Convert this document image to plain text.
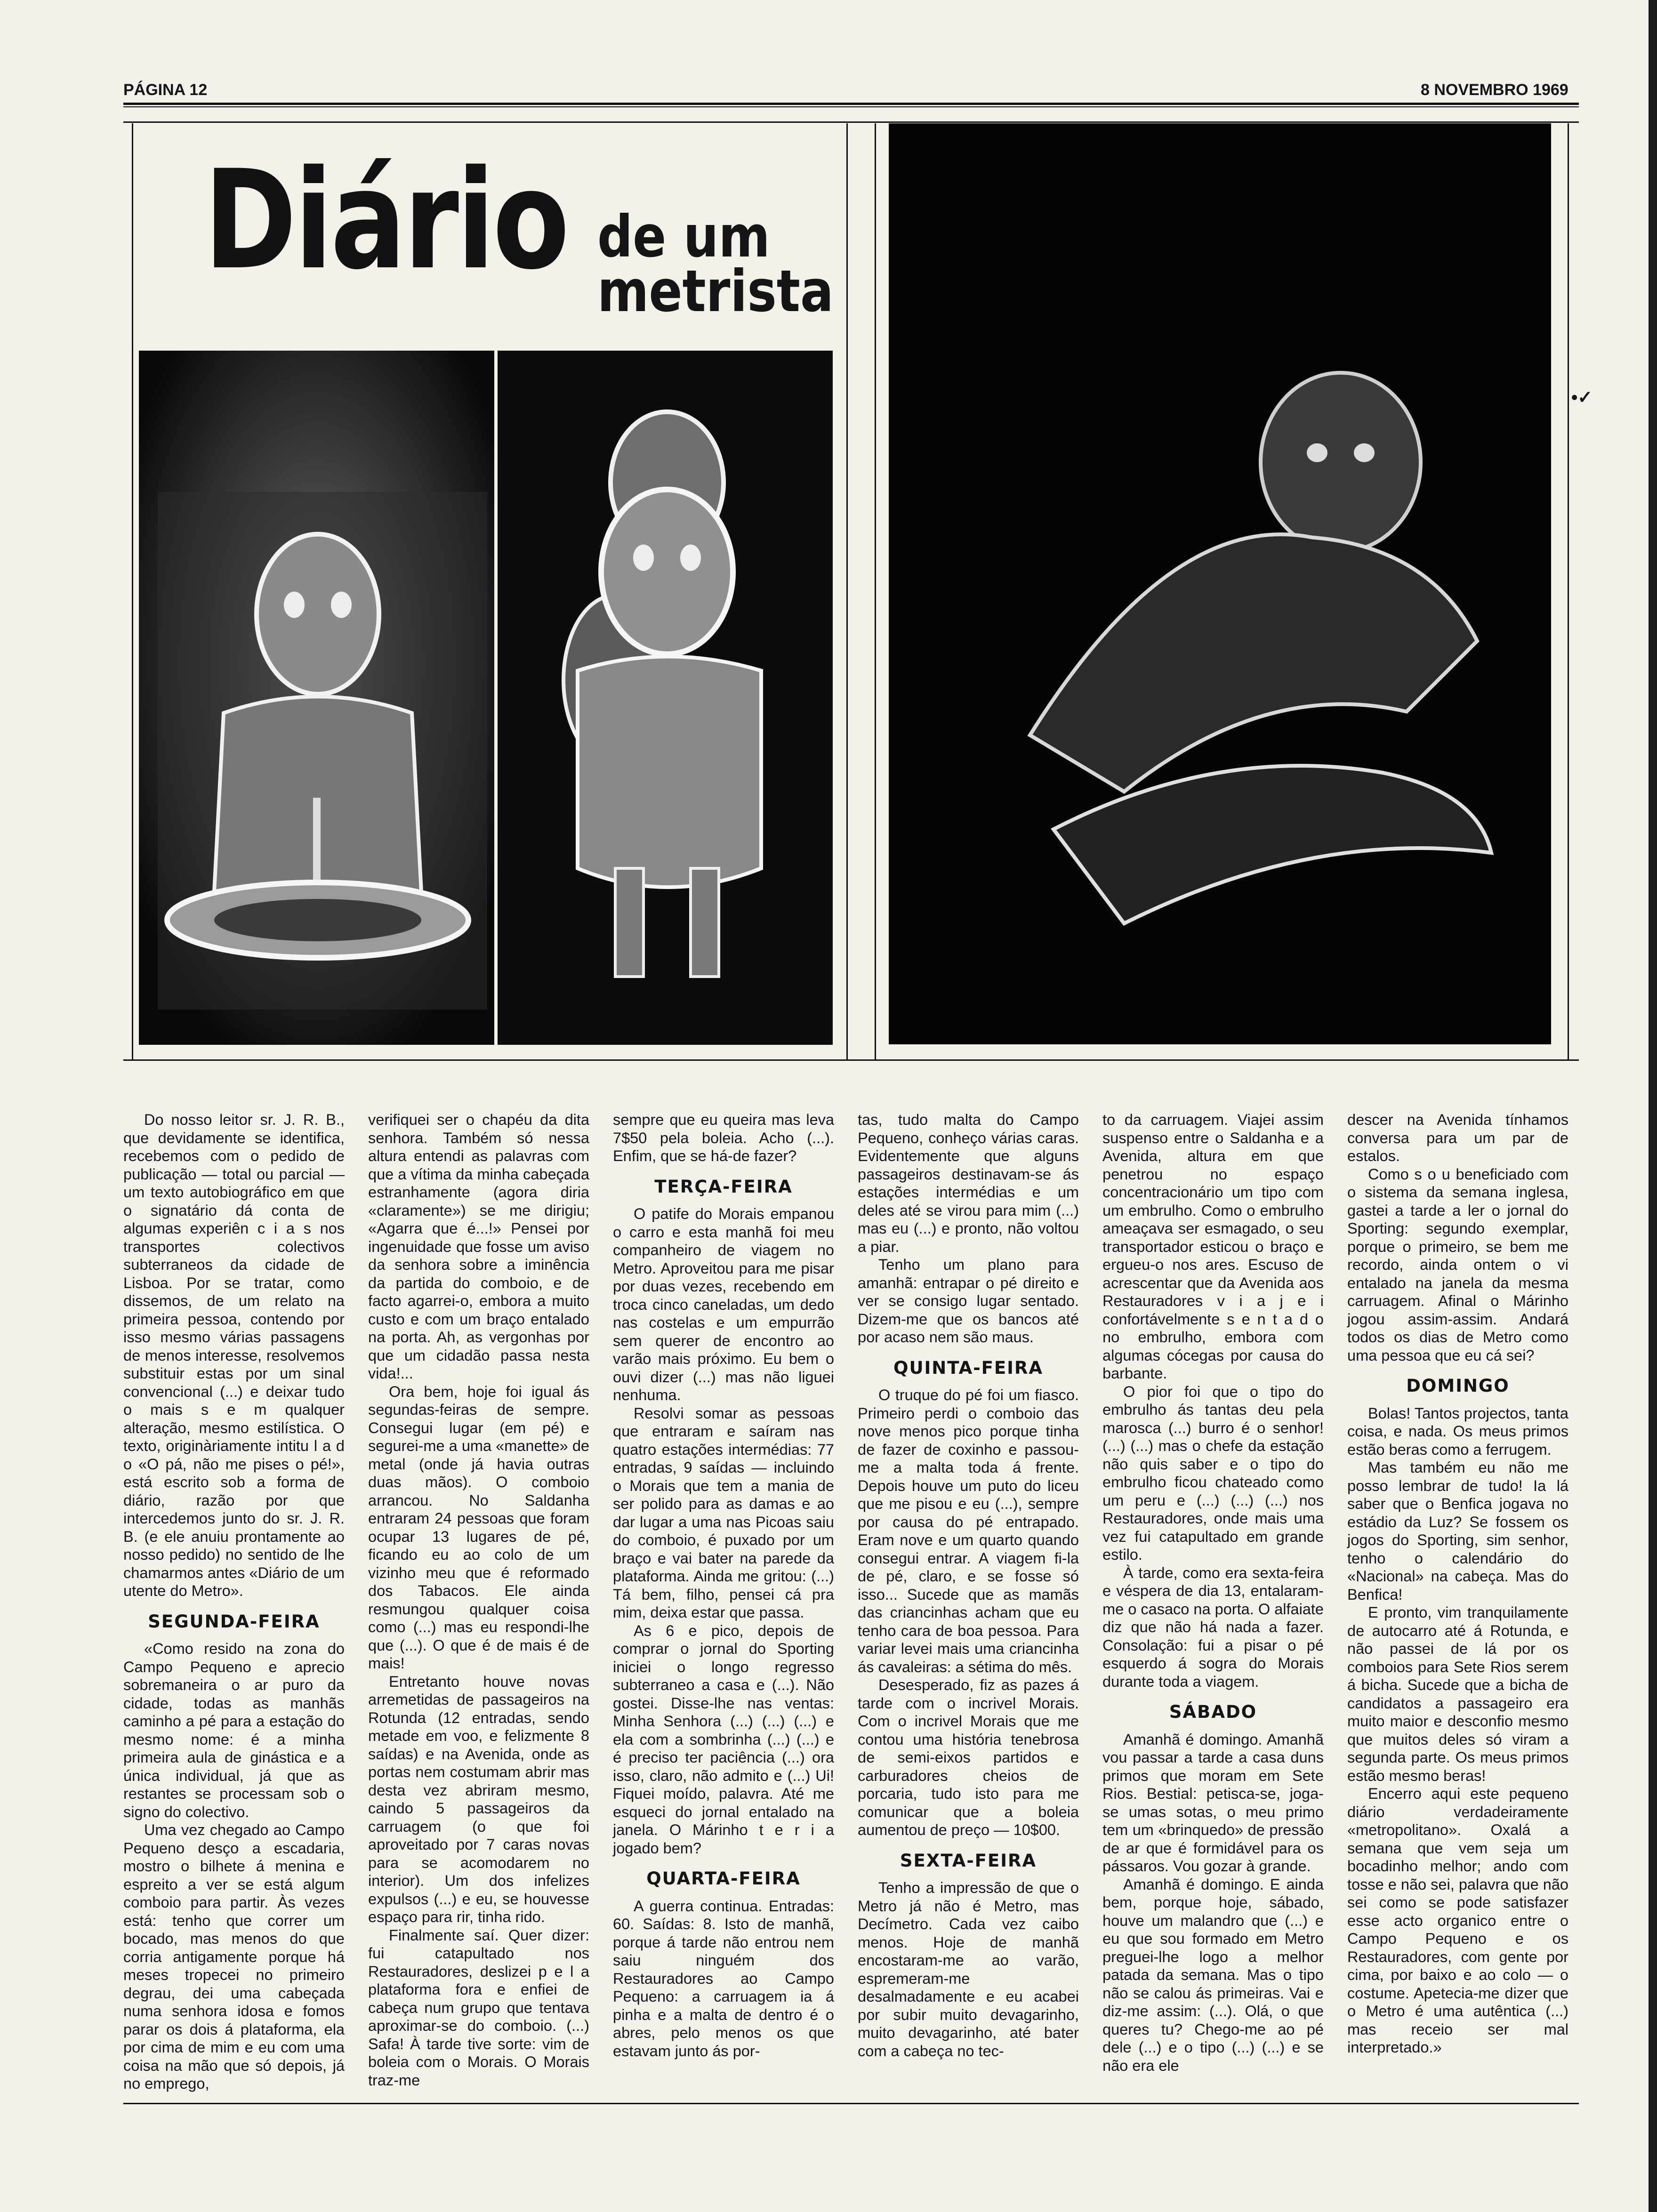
PÁGINA 12	8 NOVEMBRO 1969
Diário de um
metrista
•✓

Do nosso leitor sr. J. R. B., que devidamente se identifica, recebemos com o pedido de publicação — total ou parcial — um texto autobiográfico em que o signatário dá conta de algumas experiên c i a s nos transportes colectivos subterraneos da cidade de Lisboa. Por se tratar, como dissemos, de um relato na primeira pessoa, contendo por isso mesmo várias passagens de menos interesse, resolvemos substituir estas por um sinal convencional (...) e deixar tudo o mais s e m qualquer alteração, mesmo estilística. O texto, originàriamente intitu l a d o «O pá, não me pises o pé!», está escrito sob a forma de diário, razão por que intercedemos junto do sr. J. R. B. (e ele anuiu prontamente ao nosso pedido) no sentido de lhe chamarmos antes «Diário de um utente do Metro».

SEGUNDA-FEIRA

«Como resido na zona do Campo Pequeno e aprecio sobremaneira o ar puro da cidade, todas as manhãs caminho a pé para a estação do mesmo nome: é a minha primeira aula de ginástica e a única individual, já que as restantes se processam sob o signo do colectivo.

Uma vez chegado ao Campo Pequeno desço a escadaria, mostro o bilhete á menina e espreito a ver se está algum comboio para partir. Às vezes está: tenho que correr um bocado, mas menos do que corria antigamente porque há meses tropecei no primeiro degrau, dei uma cabeçada numa senhora idosa e fomos parar os dois á plataforma, ela por cima de mim e eu com uma coisa na mão que só depois, já no emprego,

verifiquei ser o chapéu da dita senhora. Também só nessa altura entendi as palavras com que a vítima da minha cabeçada estranhamente (agora diria «claramente») se me dirigiu; «Agarra que é...!» Pensei por ingenuidade que fosse um aviso da senhora sobre a iminência da partida do comboio, e de facto agarrei-o, embora a muito custo e com um braço entalado na porta. Ah, as vergonhas por que um cidadão passa nesta vida!...

Ora bem, hoje foi igual ás segundas-feiras de sempre. Consegui lugar (em pé) e segurei-me a uma «manette» de metal (onde já havia outras duas mãos). O comboio arrancou. No Saldanha entraram 24 pessoas que foram ocupar 13 lugares de pé, ficando eu ao colo de um vizinho meu que é reformado dos Tabacos. Ele ainda resmungou qualquer coisa como (...) mas eu respondi-lhe que (...). O que é de mais é de mais!

Entretanto houve novas arremetidas de passageiros na Rotunda (12 entradas, sendo metade em voo, e felizmente 8 saídas) e na Avenida, onde as portas nem costumam abrir mas desta vez abriram mesmo, caindo 5 passageiros da carruagem (o que foi aproveitado por 7 caras novas para se acomodarem no interior). Um dos infelizes expulsos (...) e eu, se houvesse espaço para rir, tinha rido.

Finalmente saí. Quer dizer: fui catapultado nos Restauradores, deslizei p e l a plataforma fora e enfiei de cabeça num grupo que tentava aproximar-se do comboio. (...) Safa! À tarde tive sorte: vim de boleia com o Morais. O Morais traz-me

sempre que eu queira mas leva 7$50 pela boleia. Acho (...). Enfim, que se há-de fazer?

TERÇA-FEIRA

O patife do Morais empanou o carro e esta manhã foi meu companheiro de viagem no Metro. Aproveitou para me pisar por duas vezes, recebendo em troca cinco caneladas, um dedo nas costelas e um empurrão sem querer de encontro ao varão mais próximo. Eu bem o ouvi dizer (...) mas não liguei nenhuma.

Resolvi somar as pessoas que entraram e saíram nas quatro estações intermédias: 77 entradas, 9 saídas — incluindo o Morais que tem a mania de ser polido para as damas e ao dar lugar a uma nas Picoas saiu do comboio, é puxado por um braço e vai bater na parede da plataforma. Ainda me gritou: (...) Tá bem, filho, pensei cá pra mim, deixa estar que passa.

As 6 e pico, depois de comprar o jornal do Sporting iniciei o longo regresso subterraneo a casa e (...). Não gostei. Disse-lhe nas ventas: Minha Senhora (...) (...) (...) e ela com a sombrinha (...) (...) e é preciso ter paciência (...) ora isso, claro, não admito e (...) Ui! Fiquei moído, palavra. Até me esqueci do jornal entalado na janela. O Márinho t e r i a jogado bem?

QUARTA-FEIRA

A guerra continua. Entradas: 60. Saídas: 8. Isto de manhã, porque á tarde não entrou nem saiu ninguém dos Restauradores ao Campo Pequeno: a carruagem ia á pinha e a malta de dentro é o abres, pelo menos os que estavam junto ás por-

tas, tudo malta do Campo Pequeno, conheço várias caras. Evidentemente que alguns passageiros destinavam-se ás estações intermédias e um deles até se virou para mim (...) mas eu (...) e pronto, não voltou a piar.

Tenho um plano para amanhã: entrapar o pé direito e ver se consigo lugar sentado. Dizem-me que os bancos até por acaso nem são maus.

QUINTA-FEIRA

O truque do pé foi um fiasco. Primeiro perdi o comboio das nove menos pico porque tinha de fazer de coxinho e passou-me a malta toda á frente. Depois houve um puto do liceu que me pisou e eu (...), sempre por causa do pé entrapado. Eram nove e um quarto quando consegui entrar. A viagem fi-la de pé, claro, e se fosse só isso... Sucede que as mamãs das criancinhas acham que eu tenho cara de boa pessoa. Para variar levei mais uma criancinha ás cavaleiras: a sétima do mês.

Desesperado, fiz as pazes á tarde com o incrivel Morais. Com o incrivel Morais que me contou uma história tenebrosa de semi-eixos partidos e carburadores cheios de porcaria, tudo isto para me comunicar que a boleia aumentou de preço — 10$00.

SEXTA-FEIRA

Tenho a impressão de que o Metro já não é Metro, mas Decímetro. Cada vez caibo menos. Hoje de manhã encostaram-me ao varão, espremeram-me desalmadamente e eu acabei por subir muito devagarinho, muito devagarinho, até bater com a cabeça no tec-

to da carruagem. Viajei assim suspenso entre o Saldanha e a Avenida, altura em que penetrou no espaço concentracionário um tipo com um embrulho. Como o embrulho ameaçava ser esmagado, o seu transportador esticou o braço e ergueu-o nos ares. Escuso de acrescentar que da Avenida aos Restauradores v i a j e i confortávelmente s e n t a d o no embrulho, embora com algumas cócegas por causa do barbante.

O pior foi que o tipo do embrulho ás tantas deu pela marosca (...) burro é o senhor! (...) (...) mas o chefe da estação não quis saber e o tipo do embrulho ficou chateado como um peru e (...) (...) (...) nos Restauradores, onde mais uma vez fui catapultado em grande estilo.

À tarde, como era sexta-feira e véspera de dia 13, entalaram-me o casaco na porta. O alfaiate diz que não há nada a fazer. Consolação: fui a pisar o pé esquerdo á sogra do Morais durante toda a viagem.

SÁBADO

Amanhã é domingo. Amanhã vou passar a tarde a casa duns primos que moram em Sete Rios. Bestial: petisca-se, joga-se umas sotas, o meu primo tem um «brinquedo» de pressão de ar que é formidável para os pássaros. Vou gozar à grande.

Amanhã é domingo. E ainda bem, porque hoje, sábado, houve um malandro que (...) e eu que sou formado em Metro preguei-lhe logo a melhor patada da semana. Mas o tipo não se calou ás primeiras. Vai e diz-me assim: (...). Olá, o que queres tu? Chego-me ao pé dele (...) e o tipo (...) (...) e se não era ele

descer na Avenida tínhamos conversa para um par de estalos.

Como s o u beneficiado com o sistema da semana inglesa, gastei a tarde a ler o jornal do Sporting: segundo exemplar, porque o primeiro, se bem me recordo, ainda ontem o vi entalado na janela da mesma carruagem. Afinal o Márinho jogou assim-assim. Andará todos os dias de Metro como uma pessoa que eu cá sei?

DOMINGO

Bolas! Tantos projectos, tanta coisa, e nada. Os meus primos estão beras como a ferrugem.

Mas também eu não me posso lembrar de tudo! Ia lá saber que o Benfica jogava no estádio da Luz? Se fossem os jogos do Sporting, sim senhor, tenho o calendário do «Nacional» na cabeça. Mas do Benfica!

E pronto, vim tranquilamente de autocarro até á Rotunda, e não passei de lá por os comboios para Sete Rios serem á bicha. Sucede que a bicha de candidatos a passageiro era muito maior e desconfio mesmo que muitos deles só viram a segunda parte. Os meus primos estão mesmo beras!

Encerro aqui este pequeno diário verdadeiramente «metropolitano». Oxalá a semana que vem seja um bocadinho melhor; ando com tosse e não sei, palavra que não sei como se pode satisfazer esse acto organico entre o Campo Pequeno e os Restauradores, com gente por cima, por baixo e ao colo — o costume. Apetecia-me dizer que o Metro é uma autêntica (...) mas receio ser mal interpretado.»
